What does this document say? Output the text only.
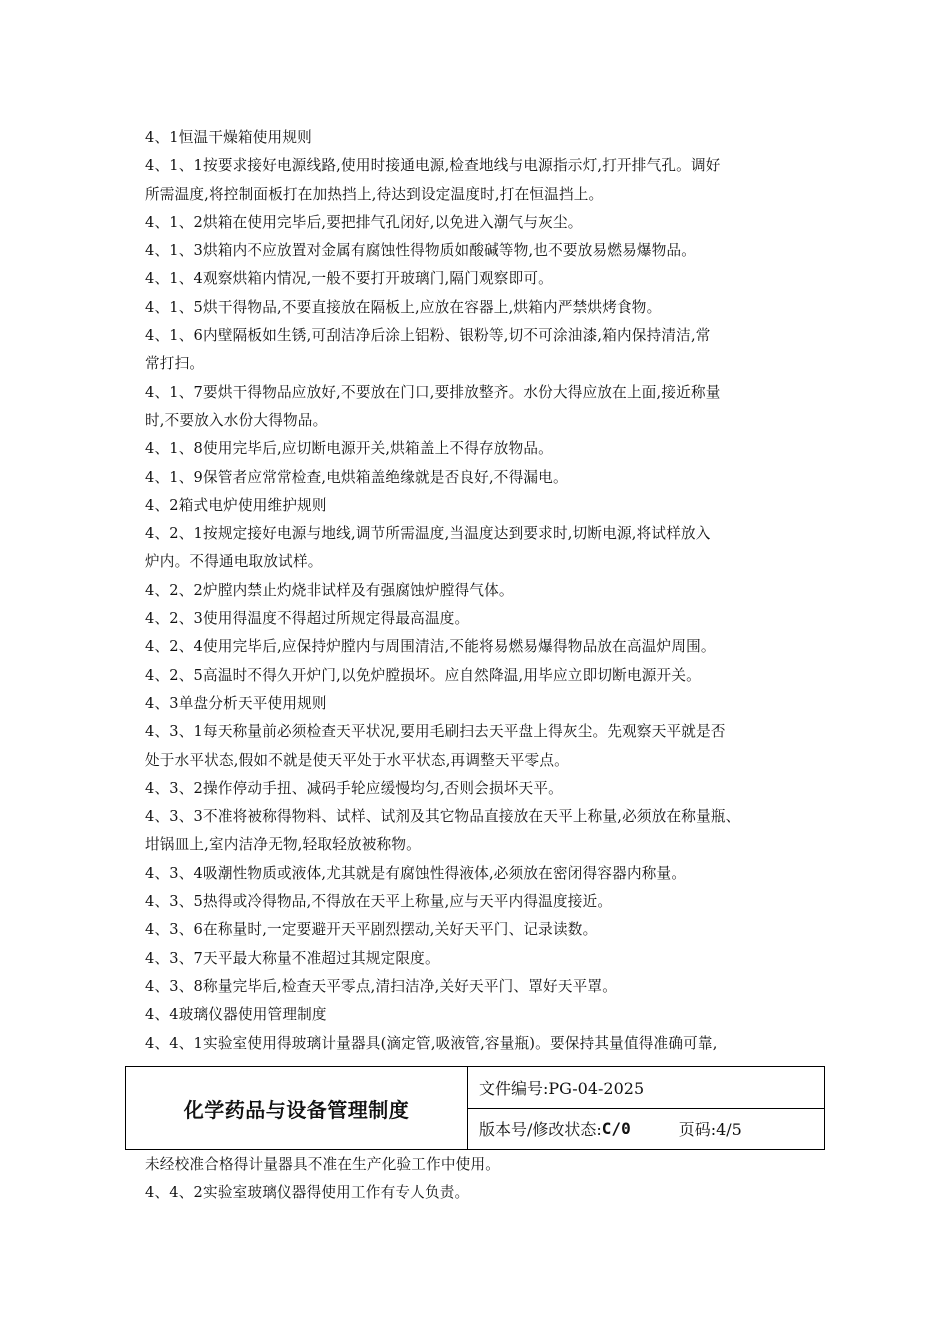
4、1恒温干燥箱使用规则

4、1、1按要求接好电源线路,使用时接通电源,检查地线与电源指示灯,打开排气孔。调好

所需温度,将控制面板打在加热挡上,待达到设定温度时,打在恒温挡上。

4、1、2烘箱在使用完毕后,要把排气孔闭好,以免进入潮气与灰尘。

4、1、3烘箱内不应放置对金属有腐蚀性得物质如酸碱等物,也不要放易燃易爆物品。

4、1、4观察烘箱内情况,一般不要打开玻璃门,隔门观察即可。

4、1、5烘干得物品,不要直接放在隔板上,应放在容器上,烘箱内严禁烘烤食物。

4、1、6内壁隔板如生锈,可刮洁净后涂上铝粉、银粉等,切不可涂油漆,箱内保持清洁,常

常打扫。

4、1、7要烘干得物品应放好,不要放在门口,要排放整齐。水份大得应放在上面,接近称量

时,不要放入水份大得物品。

4、1、8使用完毕后,应切断电源开关,烘箱盖上不得存放物品。

4、1、9保管者应常常检查,电烘箱盖绝缘就是否良好,不得漏电。

4、2箱式电炉使用维护规则

4、2、1按规定接好电源与地线,调节所需温度,当温度达到要求时,切断电源,将试样放入

炉内。不得通电取放试样。

4、2、2炉膛内禁止灼烧非试样及有强腐蚀炉膛得气体。

4、2、3使用得温度不得超过所规定得最高温度。

4、2、4使用完毕后,应保持炉膛内与周围清洁,不能将易燃易爆得物品放在高温炉周围。

4、2、5高温时不得久开炉门,以免炉膛损坏。应自然降温,用毕应立即切断电源开关。

4、3单盘分析天平使用规则

4、3、1每天称量前必须检查天平状况,要用毛刷扫去天平盘上得灰尘。先观察天平就是否

处于水平状态,假如不就是使天平处于水平状态,再调整天平零点。

4、3、2操作停动手扭、减码手轮应缓慢均匀,否则会损坏天平。

4、3、3不准将被称得物料、试样、试剂及其它物品直接放在天平上称量,必须放在称量瓶、

坩锅皿上,室内洁净无物,轻取轻放被称物。

4、3、4吸潮性物质或液体,尤其就是有腐蚀性得液体,必须放在密闭得容器内称量。

4、3、5热得或冷得物品,不得放在天平上称量,应与天平内得温度接近。

4、3、6在称量时,一定要避开天平剧烈摆动,关好天平门、记录读数。

4、3、7天平最大称量不准超过其规定限度。

4、3、8称量完毕后,检查天平零点,清扫洁净,关好天平门、罩好天平罩。

4、4玻璃仪器使用管理制度

4、4、1实验室使用得玻璃计量器具(滴定管,吸液管,容量瓶)。要保持其量值得准确可靠,

化学药品与设备管理制度
文件编号:PG-04-2025
版本号/修改状态: C/0	页码:4/5

未经校准合格得计量器具不准在生产化验工作中使用。

4、4、2实验室玻璃仪器得使用工作有专人负责。
